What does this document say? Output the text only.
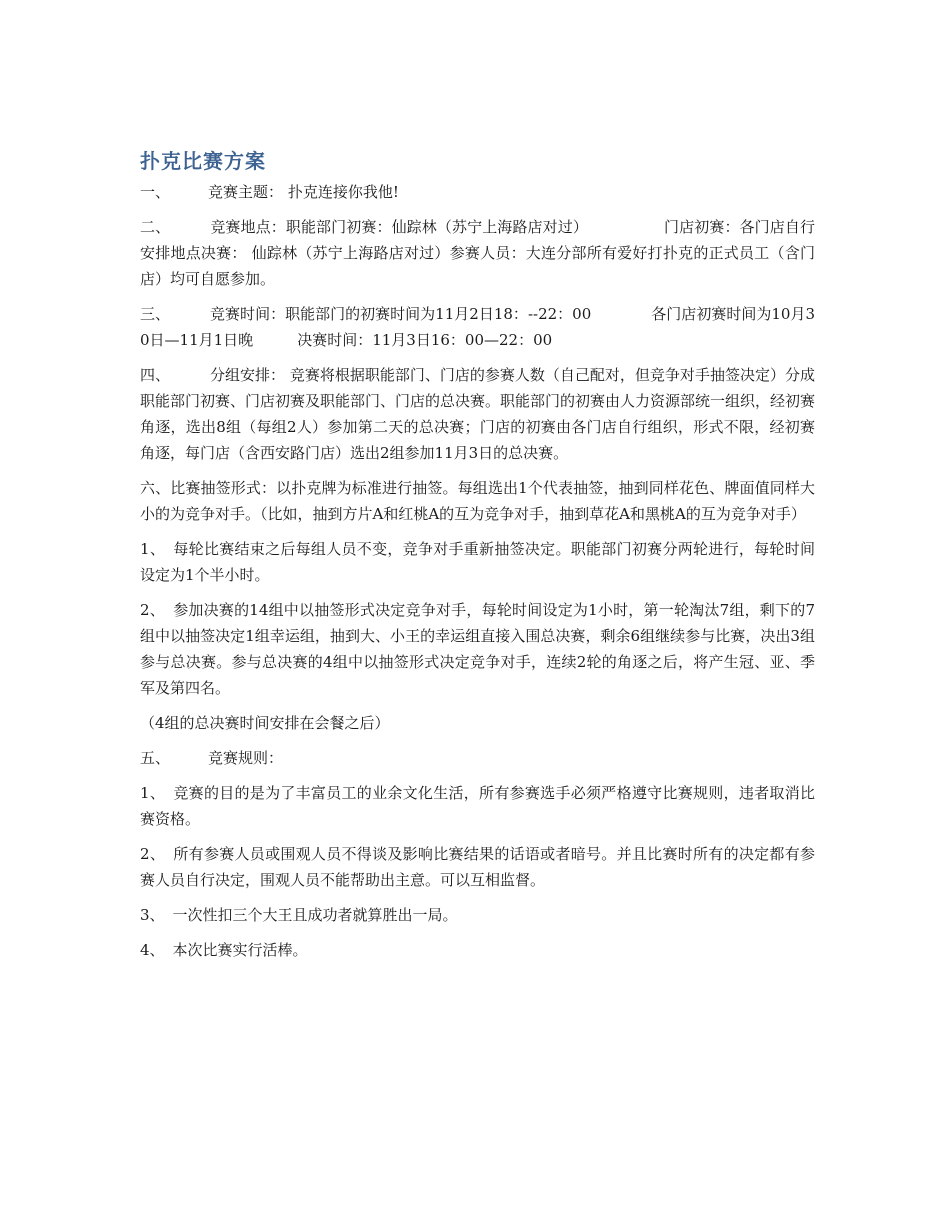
扑克比赛方案
一、	竞赛主题： 扑克连接你我他!
二、	竞赛地点：职能部门初赛：仙踪林（苏宁上海路店对过）	门店初赛：各门店自行安排地点决赛： 仙踪林（苏宁上海路店对过）参赛人员：大连分部所有爱好打扑克的正式员工（含门店）均可自愿参加。
三、	竞赛时间：职能部门的初赛时间为11月2日18：--22：00	各门店初赛时间为10月30日—11月1日晚	决赛时间：11月3日16：00—22：00
四、	分组安排： 竞赛将根据职能部门、门店的参赛人数（自己配对，但竞争对手抽签决定）分成职能部门初赛、门店初赛及职能部门、门店的总决赛。职能部门的初赛由人力资源部统一组织，经初赛角逐，选出8组（每组2人）参加第二天的总决赛；门店的初赛由各门店自行组织，形式不限，经初赛角逐，每门店（含西安路门店）选出2组参加11月3日的总决赛。
六、比赛抽签形式：以扑克牌为标准进行抽签。每组选出1个代表抽签，抽到同样花色、牌面值同样大小的为竞争对手。（比如，抽到方片A和红桃A的互为竞争对手，抽到草花A和黑桃A的互为竞争对手）
1、 每轮比赛结束之后每组人员不变，竞争对手重新抽签决定。职能部门初赛分两轮进行，每轮时间设定为1个半小时。
2、 参加决赛的14组中以抽签形式决定竞争对手，每轮时间设定为1小时，第一轮淘汰7组，剩下的7组中以抽签决定1组幸运组，抽到大、小王的幸运组直接入围总决赛，剩余6组继续参与比赛，决出3组参与总决赛。参与总决赛的4组中以抽签形式决定竞争对手，连续2轮的角逐之后，将产生冠、亚、季军及第四名。
（4组的总决赛时间安排在会餐之后）
五、	竞赛规则：
1、 竞赛的目的是为了丰富员工的业余文化生活，所有参赛选手必须严格遵守比赛规则，违者取消比赛资格。
2、 所有参赛人员或围观人员不得谈及影响比赛结果的话语或者暗号。并且比赛时所有的决定都有参赛人员自行决定，围观人员不能帮助出主意。可以互相监督。
3、 一次性扣三个大王且成功者就算胜出一局。
4、 本次比赛实行活棒。
